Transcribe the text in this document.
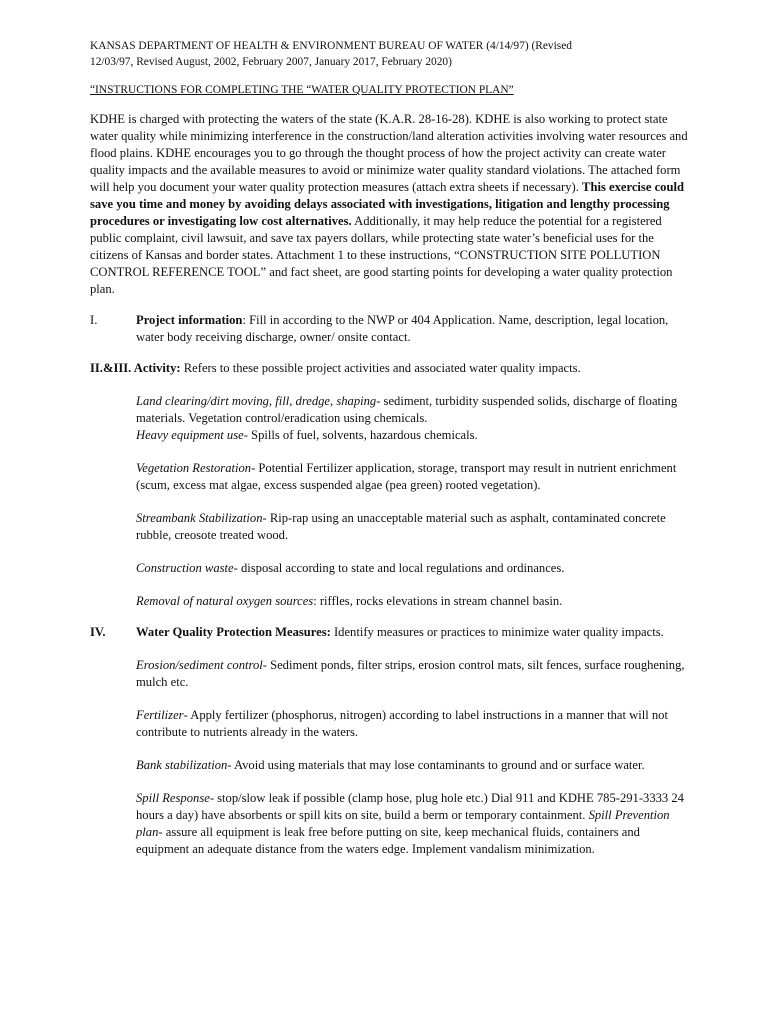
KANSAS DEPARTMENT OF HEALTH & ENVIRONMENT BUREAU OF WATER (4/14/97) (Revised

12/03/97, Revised August, 2002, February 2007, January 2017, February 2020)

“INSTRUCTIONS FOR COMPLETING THE “WATER QUALITY PROTECTION PLAN”

KDHE is charged with protecting the waters of the state (K.A.R. 28-16-28). KDHE is also working to protect state water quality while minimizing interference in the construction/land alteration activities involving water resources and flood plains. KDHE encourages you to go through the thought process of how the project activity can create water quality impacts and the available measures to avoid or minimize water quality standard violations. The attached form will help you document your water quality protection measures (attach extra sheets if necessary). This exercise could save you time and money by avoiding delays associated with investigations, litigation and lengthy processing procedures or investigating low cost alternatives. Additionally, it may help reduce the potential for a registered public complaint, civil lawsuit, and save tax payers dollars, while protecting state water’s beneficial uses for the citizens of Kansas and border states. Attachment 1 to these instructions, “CONSTRUCTION SITE POLLUTION CONTROL REFERENCE TOOL” and fact sheet, are good starting points for developing a water quality protection plan.

I.	Project information: Fill in according to the NWP or 404 Application. Name, description, legal location, water body receiving discharge, owner/ onsite contact.
II.&III. Activity: Refers to these possible project activities and associated water quality impacts.

Land clearing/dirt moving, fill, dredge, shaping- sediment, turbidity suspended solids, discharge of floating materials. Vegetation control/eradication using chemicals.

Heavy equipment use- Spills of fuel, solvents, hazardous chemicals.

Vegetation Restoration- Potential Fertilizer application, storage, transport may result in nutrient enrichment (scum, excess mat algae, excess suspended algae (pea green) rooted vegetation).

Streambank Stabilization- Rip-rap using an unacceptable material such as asphalt, contaminated concrete rubble, creosote treated wood.

Construction waste- disposal according to state and local regulations and ordinances.

Removal of natural oxygen sources: riffles, rocks elevations in stream channel basin.

IV.	Water Quality Protection Measures: Identify measures or practices to minimize water quality impacts.

Erosion/sediment control- Sediment ponds, filter strips, erosion control mats, silt fences, surface roughening, mulch etc.

Fertilizer- Apply fertilizer (phosphorus, nitrogen) according to label instructions in a manner that will not contribute to nutrients already in the waters.

Bank stabilization- Avoid using materials that may lose contaminants to ground and or surface water.

Spill Response- stop/slow leak if possible (clamp hose, plug hole etc.) Dial 911 and KDHE 785-291-3333 24 hours a day) have absorbents or spill kits on site, build a berm or temporary containment. Spill Prevention plan- assure all equipment is leak free before putting on site, keep mechanical fluids, containers and equipment an adequate distance from the waters edge. Implement vandalism minimization.
